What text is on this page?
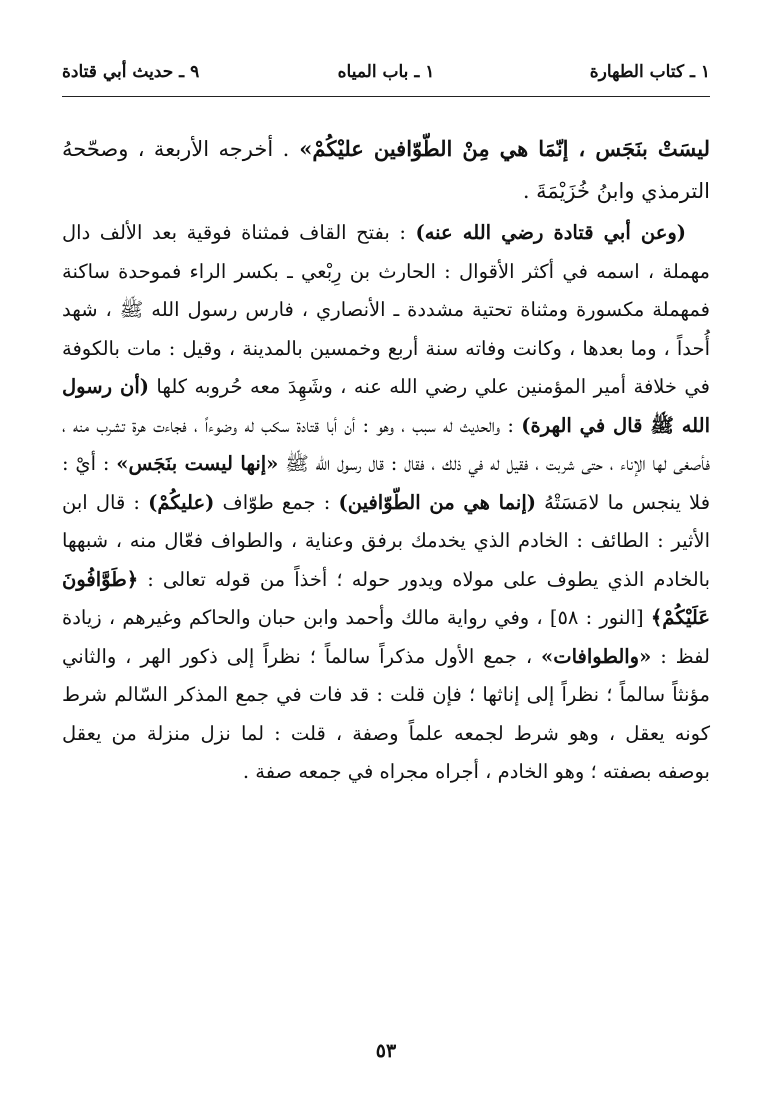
١ ـ كتاب الطهارة
١ ـ باب المياه
٩ ـ حديث أبي قتادة

ليسَتْ بنَجَس ، إنّمَا هي مِنْ الطّوّافين عليْكُمْ» . أخرجه الأربعة ، وصحّحهُ الترمذي وابنُ خُزَيْمَةَ .

(وعن أبي قتادة رضي الله عنه) : بفتح القاف فمثناة فوقية بعد الألف دال مهملة ، اسمه في أكثر الأقوال : الحارث بن رِبْعي ـ بكسر الراء فموحدة ساكنة فمهملة مكسورة ومثناة تحتية مشددة ـ الأنصاري ، فارس رسول الله ﷺ ، شهد أُحداً ، وما بعدها ، وكانت وفاته سنة أربع وخمسين بالمدينة ، وقيل : مات بالكوفة في خلافة أمير المؤمنين علي رضي الله عنه ، وشَهِدَ معه حُروبه كلها (أن رسول الله ﷺ قال في الهرة) : والحديث له سبب ، وهو : أن أبا قتادة سكب له وضوءاً ، فجاءت هرة تشرب منه ، فأصغى لها الإناء ، حتى شربت ، فقيل له في ذلك ، فقال : قال رسول الله ﷺ «إنها ليست بنَجَس» : أيْ : فلا ينجس ما لامَسَتْهُ (إنما هي من الطّوّافين) : جمع طوّاف (عليكُمْ) : قال ابن الأثير : الطائف : الخادم الذي يخدمك برفق وعناية ، والطواف فعّال منه ، شبهها بالخادم الذي يطوف على مولاه ويدور حوله ؛ أخذاً من قوله تعالى : ﴿طَوَّافُونَ عَلَيْكُمْ﴾ [النور : ٥٨] ، وفي رواية مالك وأحمد وابن حبان والحاكم وغيرهم ، زيادة لفظ : «والطوافات» ، جمع الأول مذكراً سالماً ؛ نظراً إلى ذكور الهر ، والثاني مؤنثاً سالماً ؛ نظراً إلى إناثها ؛ فإن قلت : قد فات في جمع المذكر السّالم شرط كونه يعقل ، وهو شرط لجمعه علماً وصفة ، قلت : لما نزل منزلة من يعقل بوصفه بصفته ؛ وهو الخادم ، أجراه مجراه في جمعه صفة .

٥٣
